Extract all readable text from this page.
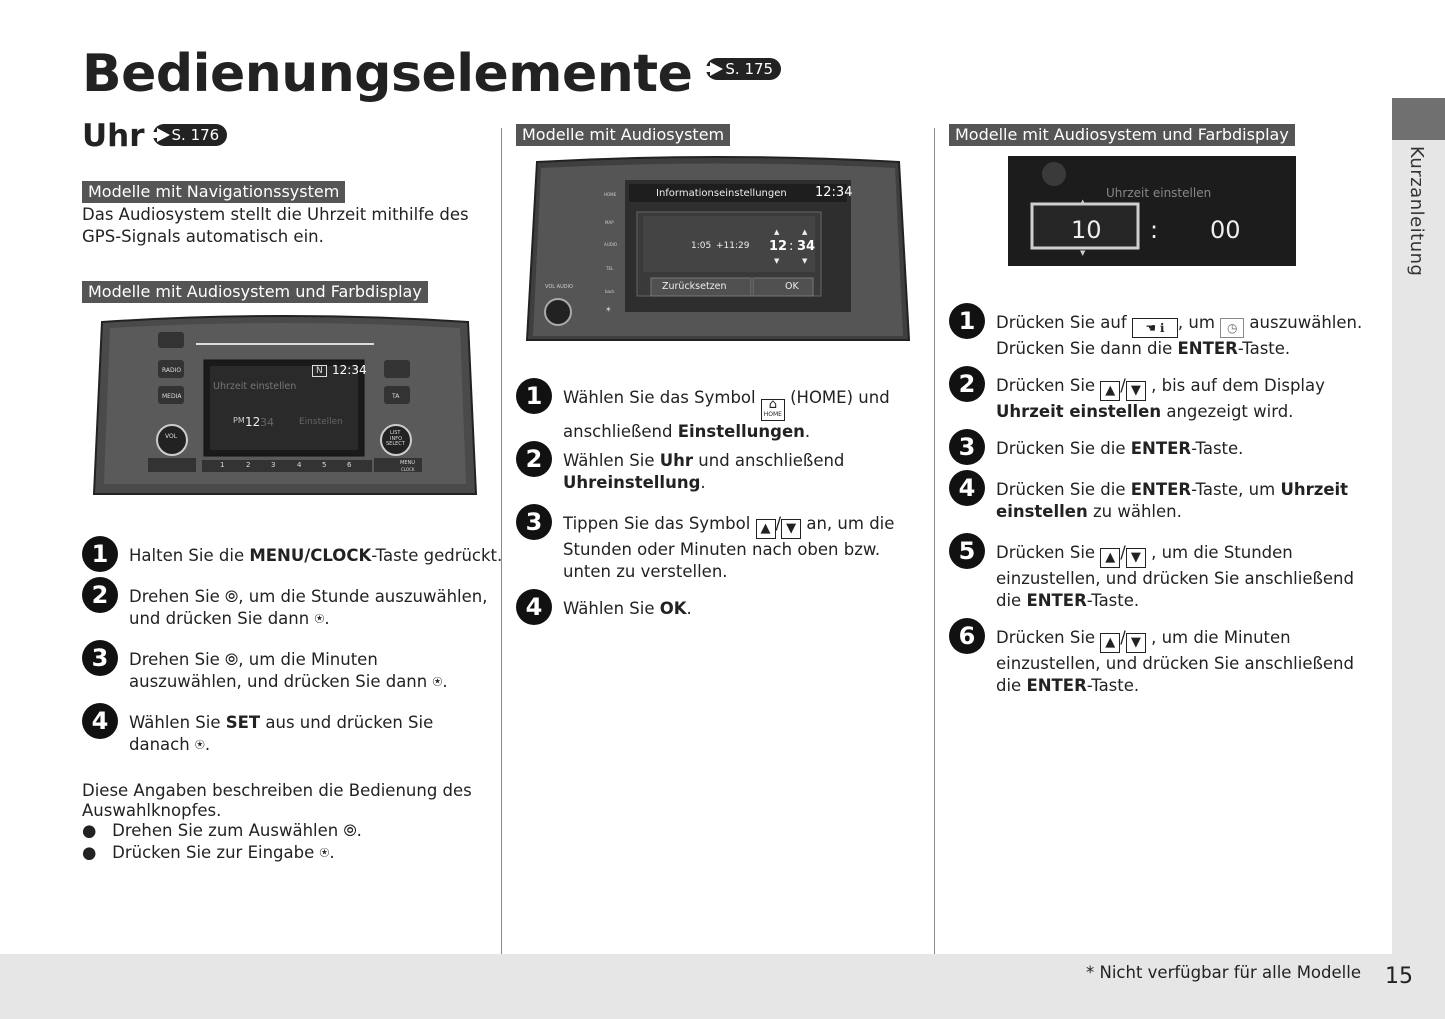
Bedienungselemente S. 175
Uhr S. 176
Modelle mit Navigationssystem
Das Audiosystem stellt die Uhrzeit mithilfe des
GPS-Signals automatisch ein.
Modelle mit Audiosystem und Farbdisplay
N 12:34
Uhrzeit einstellen
PM 12 34	Einstellen
RADIO
MEDIA
VOL
TA
LIST
INFO
SELECT
MENU
CLOCK
1	2	3	4	5	6
1	Halten Sie die MENU/CLOCK-Taste gedrückt.
2	Drehen Sie ⦾, um die Stunde auszuwählen,
und drücken Sie dann ⍟.
3	Drehen Sie ⦾, um die Minuten
auszuwählen, und drücken Sie dann ⍟.
4	Wählen Sie SET aus und drücken Sie
danach ⍟.
Diese Angaben beschreiben die Bedienung des
Auswahlknopfes.
●   Drehen Sie zum Auswählen ⦾.
●   Drücken Sie zur Eingabe ⍟.
Modelle mit Audiosystem
Informationseinstellungen 12:34
1:05 +11:29
▲
12 : 34
▲
▼	▼
Zurücksetzen	OK
HOME
MAP
AUDIO
TEL
back
✶
VOL AUDIO
1	Wählen Sie das Symbol ⌂
HOME
(HOME) und
anschließend Einstellungen.
2	Wählen Sie Uhr und anschließend
Uhreinstellung.
3	Tippen Sie das Symbol ▲ / ▼ an, um die
Stunden oder Minuten nach oben bzw.
unten zu verstellen.
4	Wählen Sie OK.
Modelle mit Audiosystem und Farbdisplay
Uhrzeit einstellen
▲
10
▼
: 00
1	Drücken Sie auf ☚ ℹ , um ◷ auszuwählen.
Drücken Sie dann die ENTER-Taste.
2	Drücken Sie ▲ / ▼ , bis auf dem Display
Uhrzeit einstellen angezeigt wird.
3	Drücken Sie die ENTER-Taste.
4	Drücken Sie die ENTER-Taste, um Uhrzeit
einstellen zu wählen.
5	Drücken Sie ▲ / ▼ , um die Stunden
einzustellen, und drücken Sie anschließend
die ENTER-Taste.
6	Drücken Sie ▲ / ▼ , um die Minuten
einzustellen, und drücken Sie anschließend
die ENTER-Taste.
Kurzanleitung
* Nicht verfügbar für alle Modelle 15
